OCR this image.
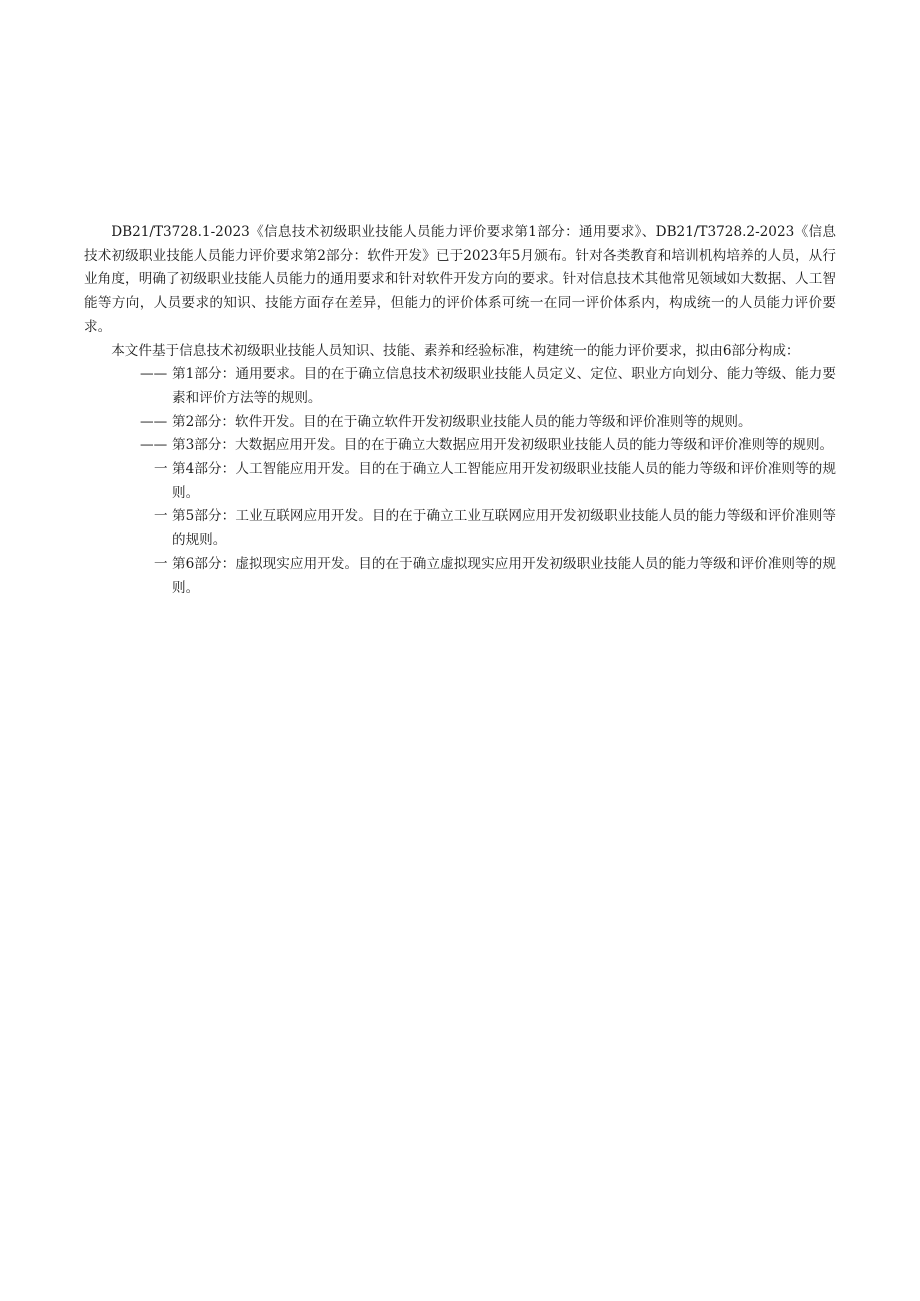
DB21/T3728.1-2023《信息技术初级职业技能人员能力评价要求第1部分：通用要求》、DB21/T3728.2-2023《信息技术初级职业技能人员能力评价要求第2部分：软件开发》已于2023年5月颁布。针对各类教育和培训机构培养的人员，从行业角度，明确了初级职业技能人员能力的通用要求和针对软件开发方向的要求。针对信息技术其他常见领域如大数据、人工智能等方向，人员要求的知识、技能方面存在差异，但能力的评价体系可统一在同一评价体系内，构成统一的人员能力评价要求。

本文件基于信息技术初级职业技能人员知识、技能、素养和经验标准，构建统一的能力评价要求，拟由6部分构成：

—— 第1部分：通用要求。目的在于确立信息技术初级职业技能人员定义、定位、职业方向划分、能力等级、能力要素和评价方法等的规则。
—— 第2部分：软件开发。目的在于确立软件开发初级职业技能人员的能力等级和评价准则等的规则。
—— 第3部分：大数据应用开发。目的在于确立大数据应用开发初级职业技能人员的能力等级和评价准则等的规则。
一 第4部分：人工智能应用开发。目的在于确立人工智能应用开发初级职业技能人员的能力等级和评价准则等的规则。
一 第5部分：工业互联网应用开发。目的在于确立工业互联网应用开发初级职业技能人员的能力等级和评价准则等的规则。
一 第6部分：虚拟现实应用开发。目的在于确立虚拟现实应用开发初级职业技能人员的能力等级和评价准则等的规则。
